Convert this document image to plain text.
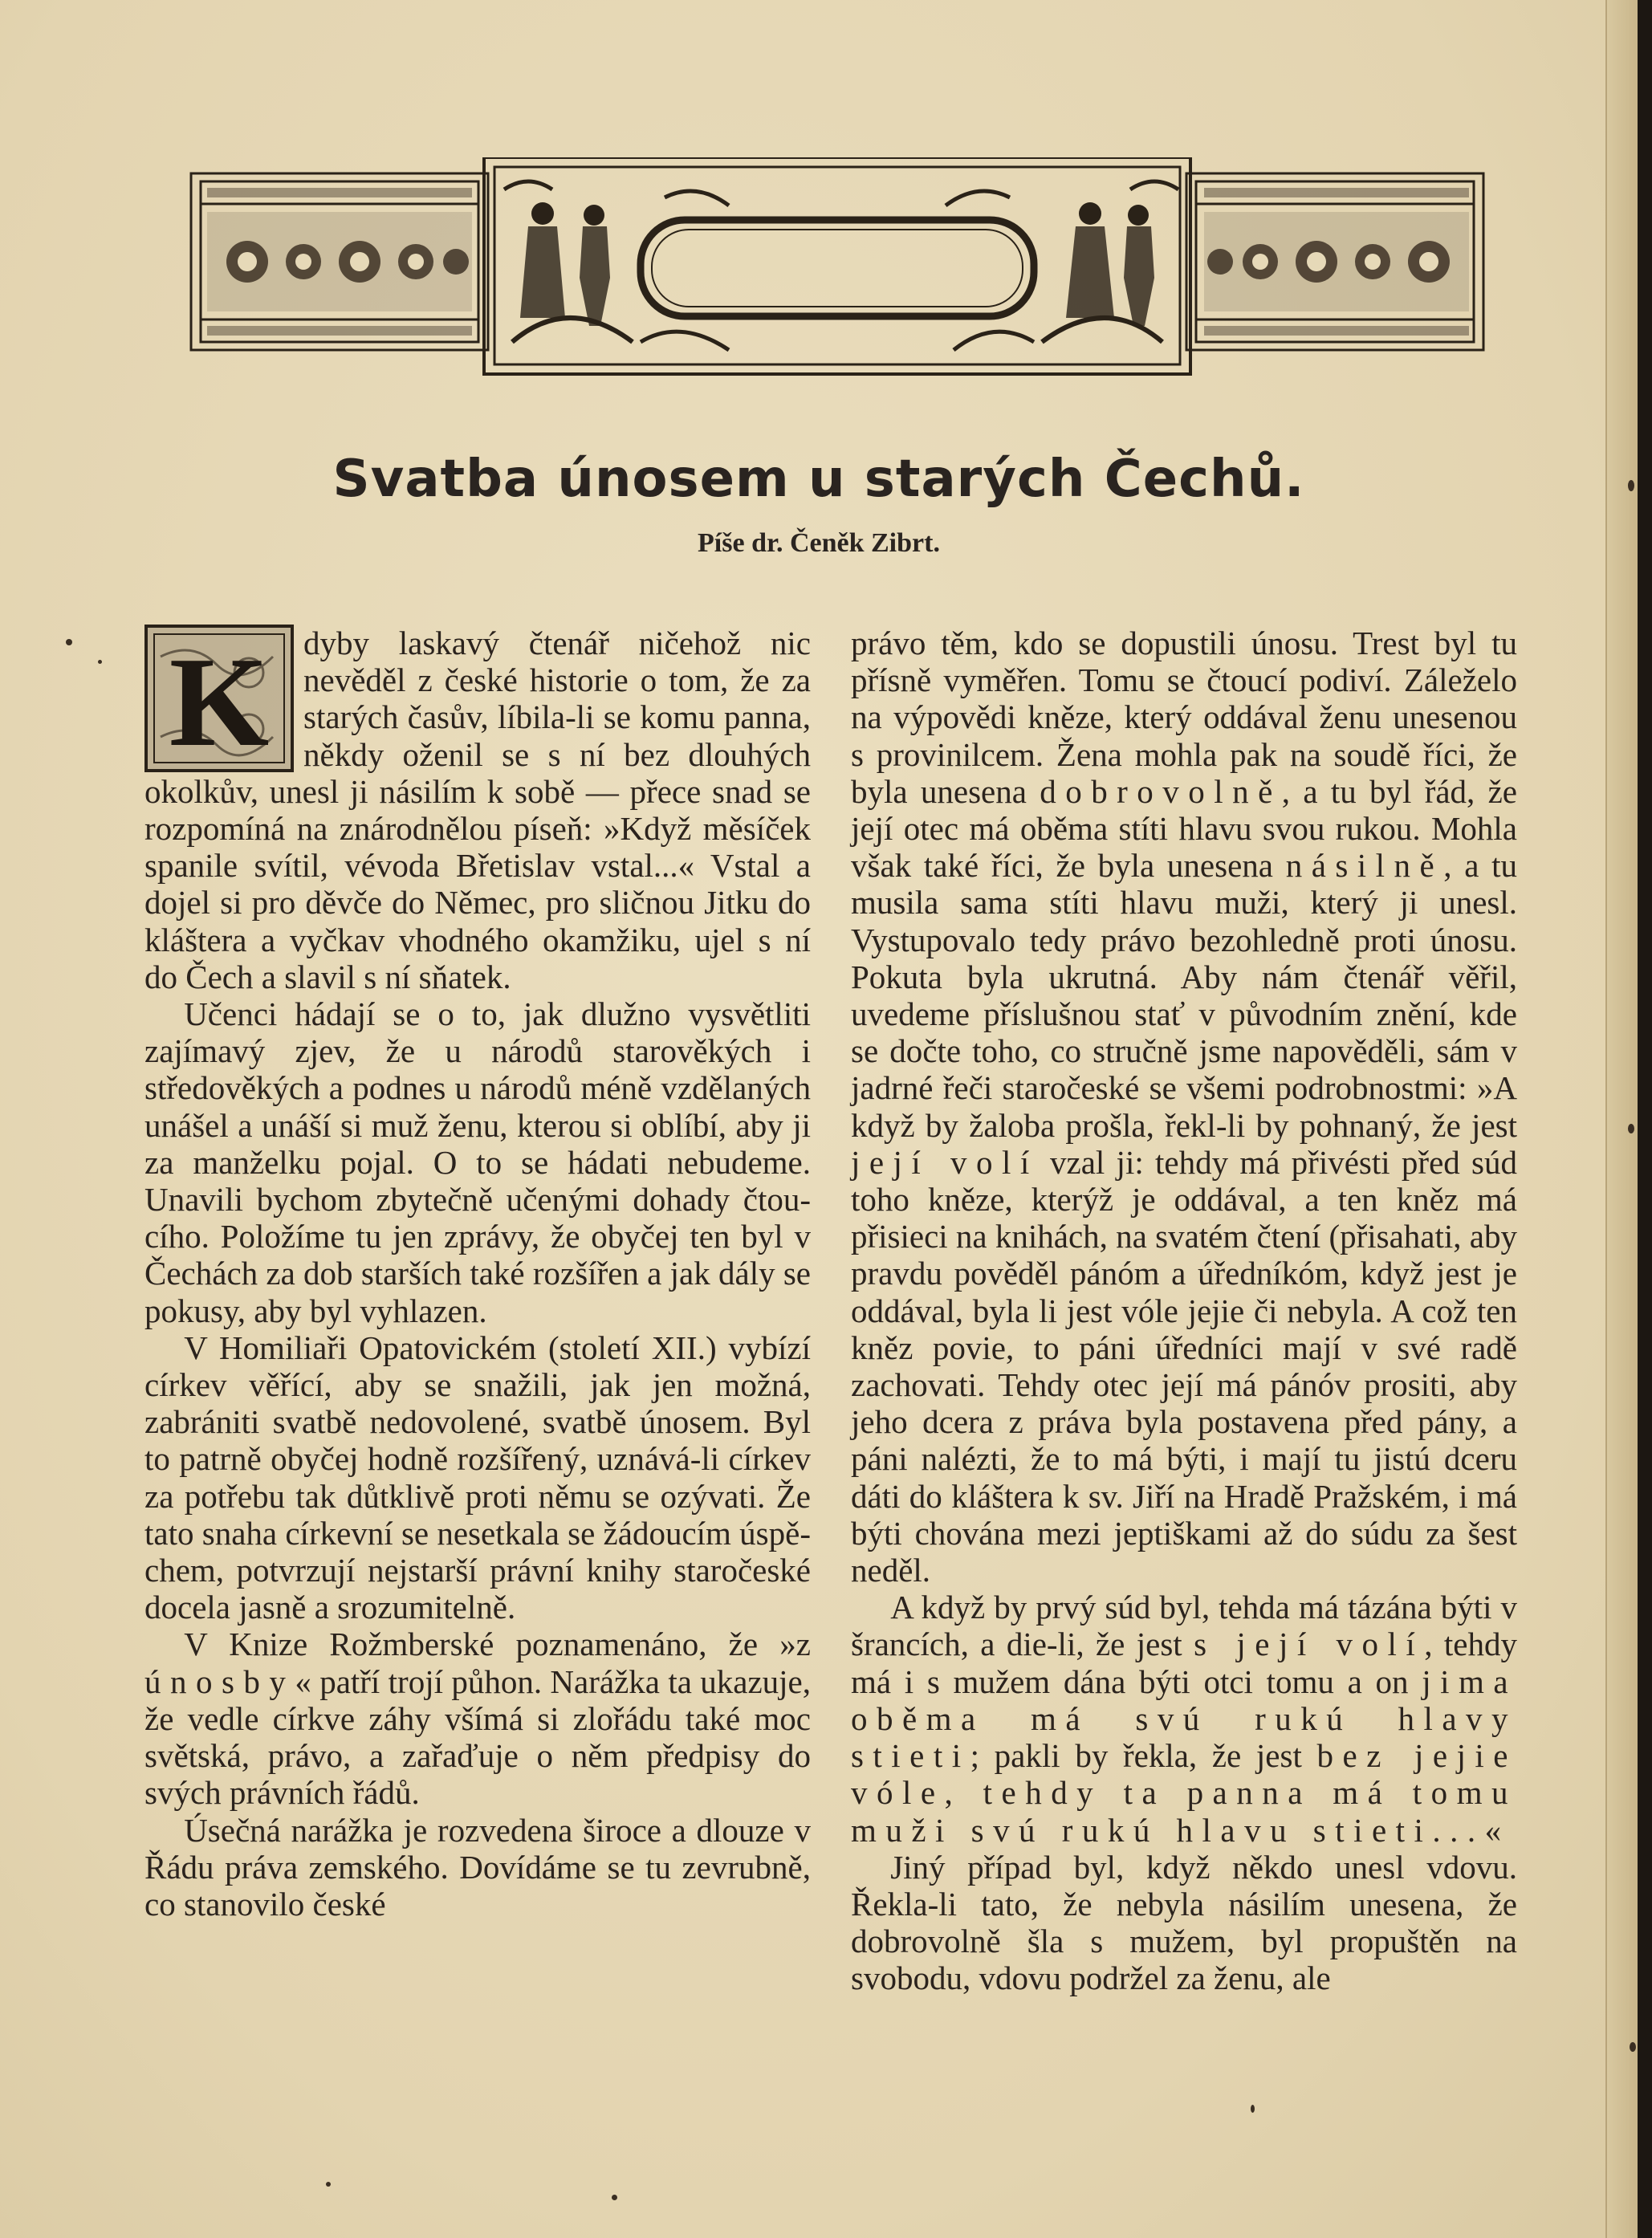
Svatba únosem u starých Čechů.
Píše dr. Čeněk Zibrt.

K dyby laskavý čtenář ničehož nic nevěděl z české historie o tom, že za starých časův, líbila-li se komu panna, někdy oženil se s ní bez dlouhých okolkův, unesl ji násilím k sobě — přece snad se rozpomíná na znárodnělou píseň: »Když měsíček spanile svítil, vévoda Břetislav vstal...« Vstal a dojel si pro děvče do Němec, pro sličnou Jitku do kláštera a vyčkav vhodného okamžiku, ujel s ní do Čech a slavil s ní sňatek.

Učenci hádají se o to, jak dlužno vysvětliti zajímavý zjev, že u národů starověkých i středověkých a podnes u národů méně vzdělaných unášel a unáší si muž ženu, kterou si oblíbí, aby ji za manželku pojal. O to se hádati nebudeme. Unavili bychom zbytečně učenými dohady čtoucího. Položíme tu jen zprávy, že obyčej ten byl v Čechách za dob starších také rozšířen a jak dály se pokusy, aby byl vyhlazen.

V Homiliaři Opatovickém (století XII.) vybízí církev věřící, aby se snažili, jak jen možná, zabrániti svatbě nedovolené, svatbě únosem. Byl to patrně obyčej hodně rozšířený, uznává-li církev za potřebu tak důtklivě proti němu se ozývati. Že tato snaha církevní se nesetkala se žádoucím úspěchem, potvrzují nejstarší právní knihy staročeské docela jasně a srozumitelně.

V Knize Rožmberské poznamenáno, že »z únosby« patří trojí půhon. Narážka ta ukazuje, že vedle církve záhy všímá si zlořádu také moc světská, právo, a zařaďuje o něm předpisy do svých právních řádů.

Úsečná narážka je rozvedena široce a dlouze v Řádu práva zemského. Dovídáme se tu zevrubně, co stanovilo české

právo těm, kdo se dopustili únosu. Trest byl tu přísně vyměřen. Tomu se čtoucí podiví. Záleželo na výpovědi kněze, který oddával ženu unesenou s provinilcem. Žena mohla pak na soudě říci, že byla unesena dobrovolně, a tu byl řád, že její otec má oběma stíti hlavu svou rukou. Mohla však také říci, že byla unesena násilně, a tu musila sama stíti hlavu muži, který ji unesl. Vystupovalo tedy právo bezohledně proti únosu. Pokuta byla ukrutná. Aby nám čtenář věřil, uvedeme příslušnou stať v původním znění, kde se dočte toho, co stručně jsme napověděli, sám v jadrné řeči staročeské se všemi podrobnostmi: »A když by žaloba prošla, řekl-li by pohnaný, že jest její volí vzal ji: tehdy má přivésti před súd toho kněze, kterýž je oddával, a ten kněz má přisieci na knihách, na svatém čtení (přisahati, aby pravdu pověděl pánóm a úředníkóm, když jest je oddával, byla li jest vóle jejie či nebyla. A což ten kněz povie, to páni úředníci mají v své radě zachovati. Tehdy otec její má pánóv prositi, aby jeho dcera z práva byla postavena před pány, a páni nalézti, že to má býti, i mají tu jistú dceru dáti do kláštera k sv. Jiří na Hradě Pražském, i má býti chována mezi jeptiškami až do súdu za šest neděl.

A když by prvý súd byl, tehda má tázána býti v šrancích, a die-li, že jest s její volí, tehdy má i s mužem dána býti otci tomu a on jima oběma má svú rukú hlavy stieti; pakli by řekla, že jest bez jejie vóle, tehdy ta panna má tomu muži svú rukú hlavu stieti...«

Jiný případ byl, když někdo unesl vdovu. Řekla-li tato, že nebyla násilím unesena, že dobrovolně šla s mužem, byl propuštěn na svobodu, vdovu podržel za ženu, ale
